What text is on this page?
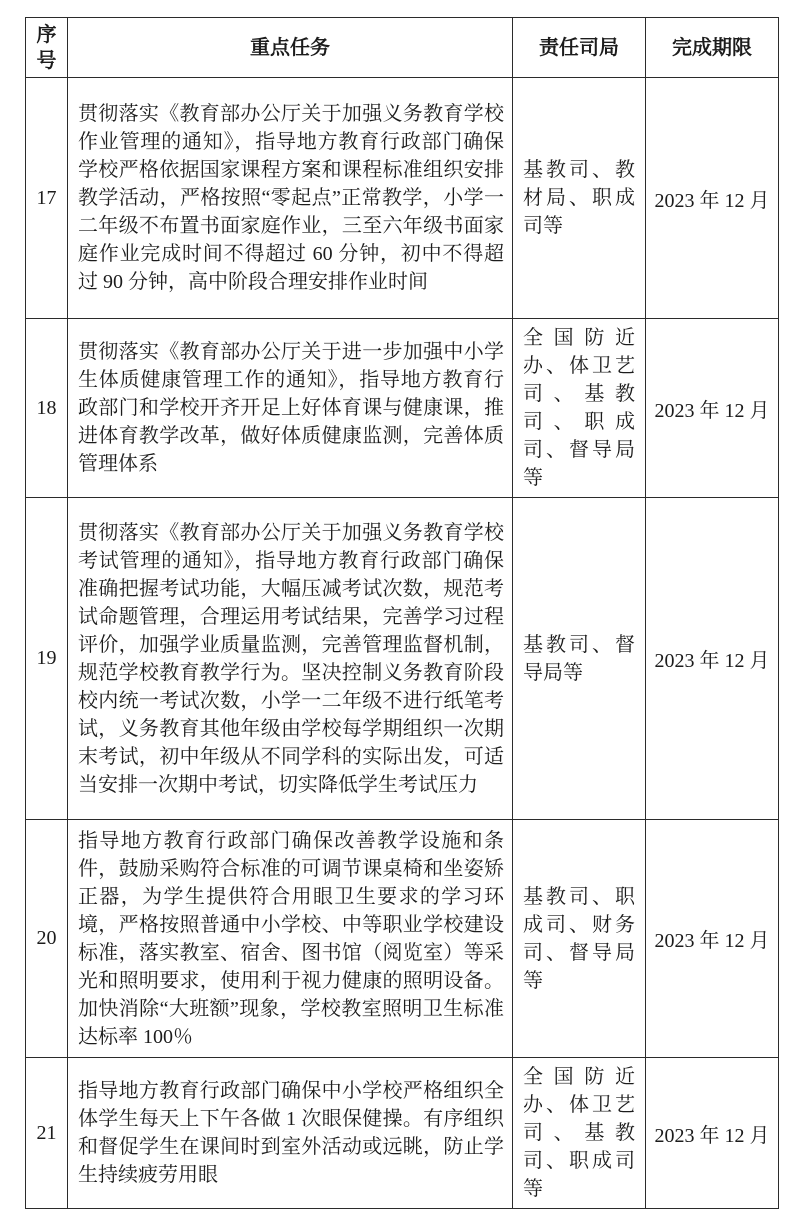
序号	重点任务	责任司局	完成期限
17	贯彻落实《教育部办公厅关于加强义务教育学校作业管理的通知》，指导地方教育行政部门确保学校严格依据国家课程方案和课程标准组织安排教学活动，严格按照“零起点”正常教学，小学一二年级不布置书面家庭作业，三至六年级书面家庭作业完成时间不得超过 60 分钟，初中不得超过 90 分钟，高中阶段合理安排作业时间	基教司、教材局、职成司等	2023 年 12 月
18	贯彻落实《教育部办公厅关于进一步加强中小学生体质健康管理工作的通知》，指导地方教育行政部门和学校开齐开足上好体育课与健康课，推进体育教学改革，做好体质健康监测，完善体质管理体系	全国防近办、体卫艺司、基教司、职成司、督导局等	2023 年 12 月
19	贯彻落实《教育部办公厅关于加强义务教育学校考试管理的通知》，指导地方教育行政部门确保准确把握考试功能，大幅压减考试次数，规范考试命题管理，合理运用考试结果，完善学习过程评价，加强学业质量监测，完善管理监督机制，规范学校教育教学行为。坚决控制义务教育阶段校内统一考试次数，小学一二年级不进行纸笔考试，义务教育其他年级由学校每学期组织一次期末考试，初中年级从不同学科的实际出发，可适当安排一次期中考试，切实降低学生考试压力	基教司、督导局等	2023 年 12 月
20	指导地方教育行政部门确保改善教学设施和条件，鼓励采购符合标准的可调节课桌椅和坐姿矫正器，为学生提供符合用眼卫生要求的学习环境，严格按照普通中小学校、中等职业学校建设标准，落实教室、宿舍、图书馆（阅览室）等采光和照明要求，使用利于视力健康的照明设备。加快消除“大班额”现象，学校教室照明卫生标准达标率 100％	基教司、职成司、财务司、督导局等	2023 年 12 月
21	指导地方教育行政部门确保中小学校严格组织全体学生每天上下午各做 1 次眼保健操。有序组织和督促学生在课间时到室外活动或远眺，防止学生持续疲劳用眼	全国防近办、体卫艺司、基教司、职成司等	2023 年 12 月
